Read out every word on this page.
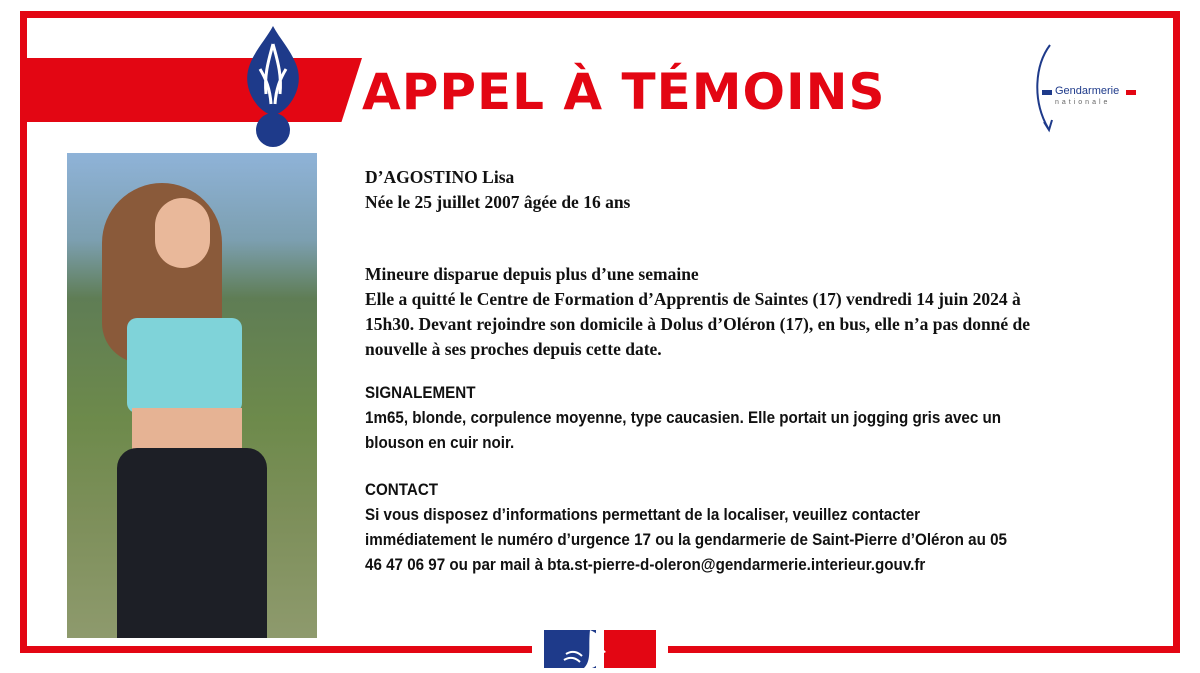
APPEL À TÉMOINS	Gendarmerie
nationale
D’AGOSTINO Lisa
Née le 25 juillet 2007 âgée de 16 ans
Mineure disparue depuis plus d’une semaine
Elle a quitté le Centre de Formation d’Apprentis de Saintes (17) vendredi 14 juin 2024 à
15h30. Devant rejoindre son domicile à Dolus d’Oléron (17), en bus, elle n’a pas donné de
nouvelle à ses proches depuis cette date.
SIGNALEMENT
1m65, blonde, corpulence moyenne, type caucasien. Elle portait un jogging gris avec un
blouson en cuir noir.
CONTACT
Si vous disposez d’informations permettant de la localiser, veuillez contacter
immédiatement le numéro d’urgence 17 ou la gendarmerie de Saint-Pierre d’Oléron au 05
46 47 06 97 ou par mail à bta.st-pierre-d-oleron@gendarmerie.interieur.gouv.fr
